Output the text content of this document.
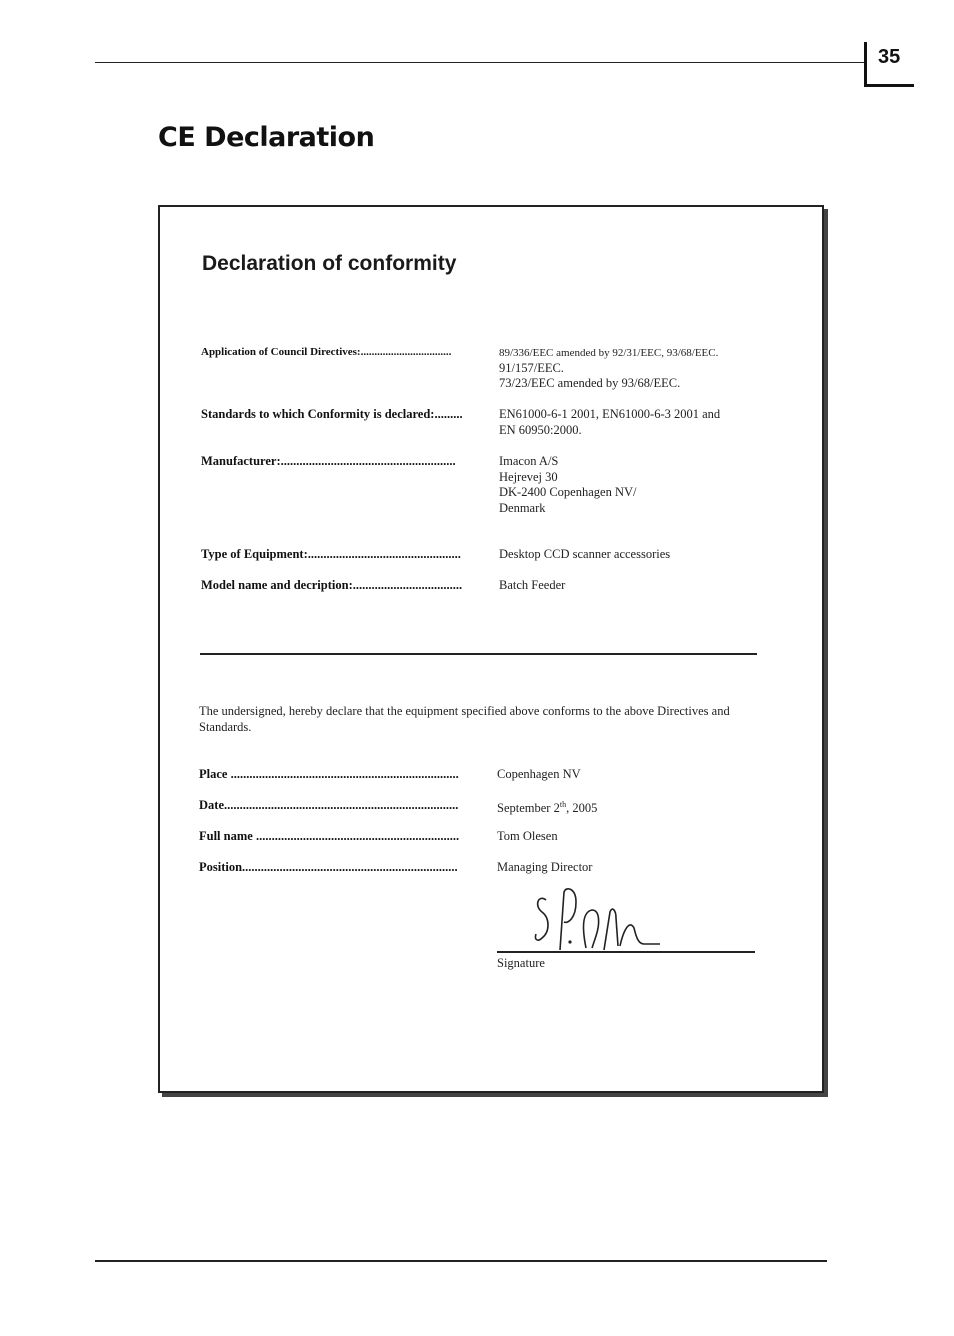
35
CE Declaration
Declaration of conformity
Application of Council Directives:.................................	89/336/EEC amended by 92/31/EEC, 93/68/EEC.
91/157/EEC.
73/23/EEC amended by 93/68/EEC.
Standards to which Conformity is declared:.........	EN61000-6-1 2001, EN61000-6-3 2001 and
EN 60950:2000.
Manufacturer:........................................................	Imacon A/S
Hejrevej 30
DK-2400 Copenhagen NV/
Denmark
Type of Equipment:.................................................	Desktop CCD scanner accessories
Model name and decription:...................................	Batch Feeder
The undersigned, hereby declare that the equipment specified above conforms to the above Directives and Standards.
Place .........................................................................	Copenhagen NV
Date...........................................................................	September 2th, 2005
Full name .................................................................	Tom Olesen
Position.....................................................................	Managing Director
Signature
